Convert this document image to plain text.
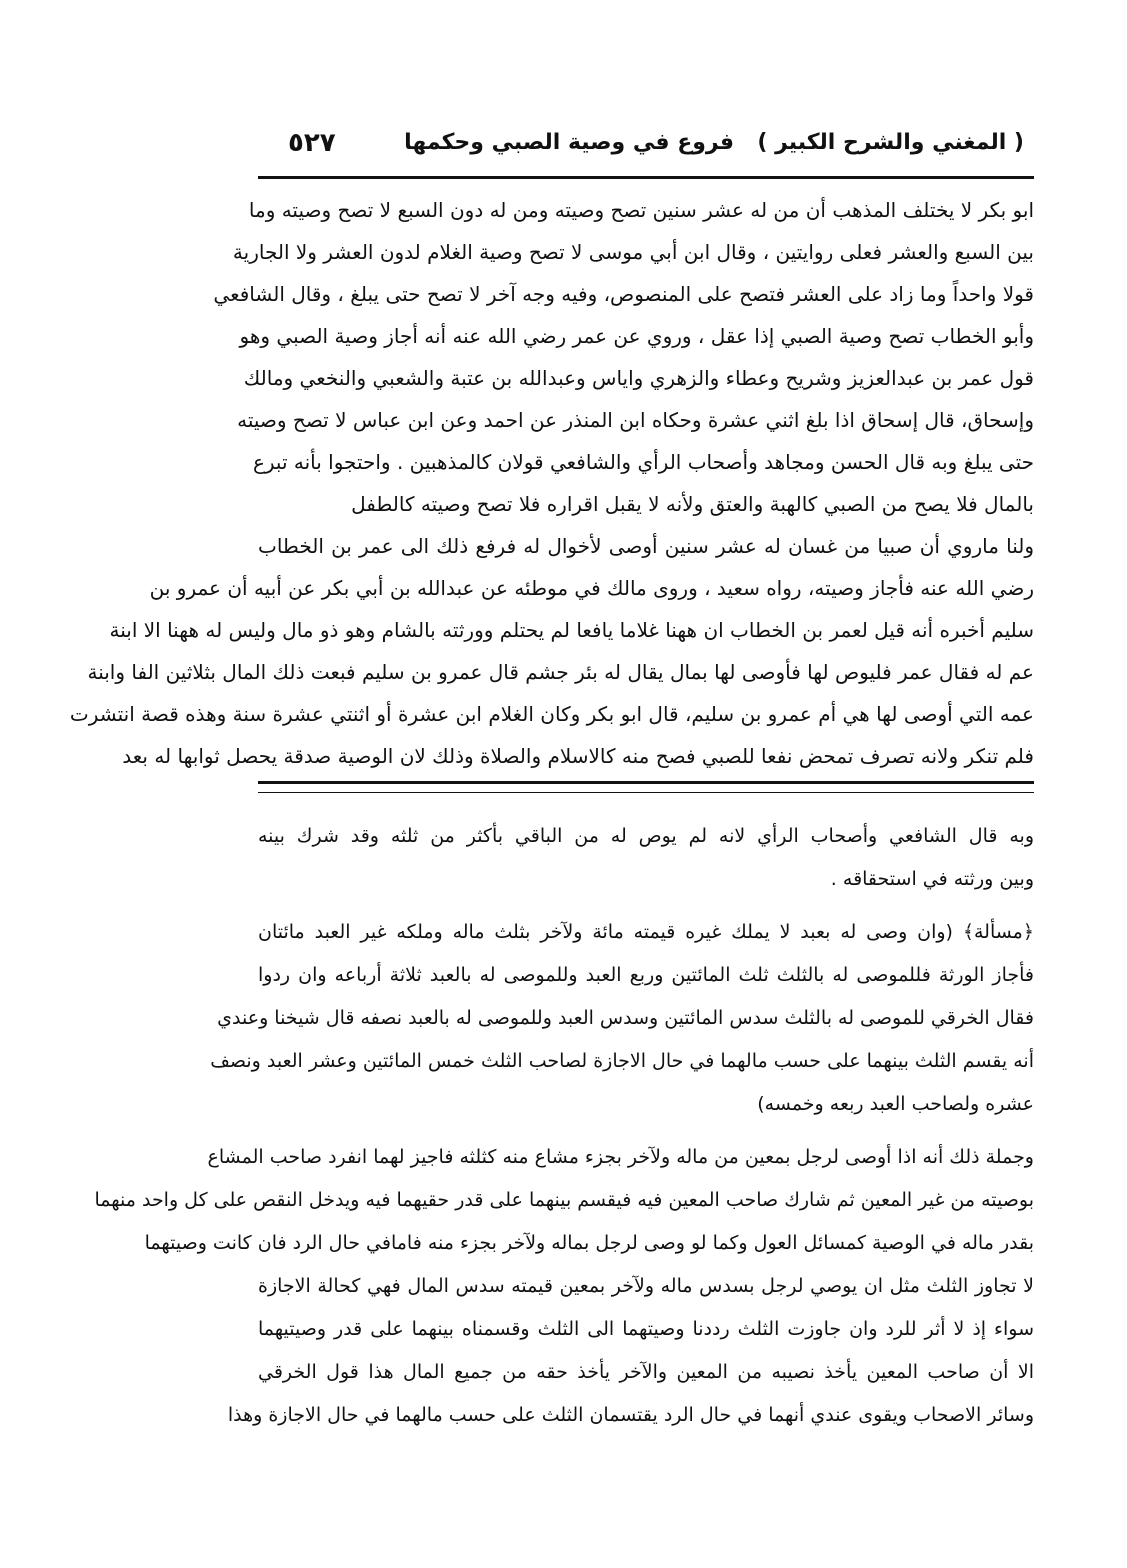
( المغني والشرح الكبير )
فروع في وصية الصبي وحكمها
٥٢٧
ابو بكر لا يختلف المذهب أن من له عشر سنين تصح وصيته ومن له دون السبع لا تصح وصيته وما
بين السبع والعشر فعلى روايتين ، وقال ابن أبي موسى لا تصح وصية الغلام لدون العشر ولا الجارية
قولا واحداً وما زاد على العشر فتصح على المنصوص، وفيه وجه آخر لا تصح حتى يبلغ ، وقال الشافعي
وأبو الخطاب تصح وصية الصبي إذا عقل ، وروي عن عمر رضي الله عنه أنه أجاز وصية الصبي وهو
قول عمر بن عبدالعزيز وشريح وعطاء والزهري واياس وعبدالله بن عتبة والشعبي والنخعي ومالك
وإسحاق، قال إسحاق اذا بلغ اثني عشرة وحكاه ابن المنذر عن احمد وعن ابن عباس لا تصح وصيته
حتى يبلغ وبه قال الحسن ومجاهد وأصحاب الرأي والشافعي قولان كالمذهبين . واحتجوا بأنه تبرع
بالمال فلا يصح من الصبي كالهبة والعتق ولأنه لا يقبل اقراره فلا تصح وصيته كالطفل
ولنا ماروي أن صبيا من غسان له عشر سنين أوصى لأخوال له فرفع ذلك الى عمر بن الخطاب
رضي الله عنه فأجاز وصيته، رواه سعيد ، وروى مالك في موطئه عن عبدالله بن أبي بكر عن أبيه أن عمرو بن
سليم أخبره أنه قيل لعمر بن الخطاب ان ههنا غلاما يافعا لم يحتلم وورثته بالشام وهو ذو مال وليس له ههنا الا ابنة
عم له فقال عمر فليوص لها فأوصى لها بمال يقال له بئر جشم قال عمرو بن سليم فبعت ذلك المال بثلاثين الفا وابنة
عمه التي أوصى لها هي أم عمرو بن سليم، قال ابو بكر وكان الغلام ابن عشرة أو اثنتي عشرة سنة وهذه قصة انتشرت
فلم تنكر ولانه تصرف تمحض نفعا للصبي فصح منه كالاسلام والصلاة وذلك لان الوصية صدقة يحصل ثوابها له بعد
وبه قال الشافعي وأصحاب الرأي لانه لم يوص له من الباقي بأكثر من ثلثه وقد شرك بينه
وبين ورثته في استحقاقه .
﴿مسألة﴾ (وان وصى له بعبد لا يملك غيره قيمته مائة ولآخر بثلث ماله وملكه غير العبد مائتان
فأجاز الورثة فللموصى له بالثلث ثلث المائتين وربع العبد وللموصى له بالعبد ثلاثة أرباعه وان ردوا
فقال الخرقي للموصى له بالثلث سدس المائتين وسدس العبد وللموصى له بالعبد نصفه قال شيخنا وعندي
أنه يقسم الثلث بينهما على حسب مالهما في حال الاجازة لصاحب الثلث خمس المائتين وعشر العبد ونصف
عشره ولصاحب العبد ربعه وخمسه)
وجملة ذلك أنه اذا أوصى لرجل بمعين من ماله ولآخر بجزء مشاع منه كثلثه فاجيز لهما انفرد صاحب المشاع
بوصيته من غير المعين ثم شارك صاحب المعين فيه فيقسم بينهما على قدر حقيهما فيه ويدخل النقص على كل واحد منهما
بقدر ماله في الوصية كمسائل العول وكما لو وصى لرجل بماله ولآخر بجزء منه فامافي حال الرد فان كانت وصيتهما
لا تجاوز الثلث مثل ان يوصي لرجل بسدس ماله ولآخر بمعين قيمته سدس المال فهي كحالة الاجازة
سواء إذ لا أثر للرد وان جاوزت الثلث رددنا وصيتهما الى الثلث وقسمناه بينهما على قدر وصيتيهما
الا أن صاحب المعين يأخذ نصيبه من المعين والآخر يأخذ حقه من جميع المال هذا قول الخرقي
وسائر الاصحاب ويقوى عندي أنهما في حال الرد يقتسمان الثلث على حسب مالهما في حال الاجازة وهذا
